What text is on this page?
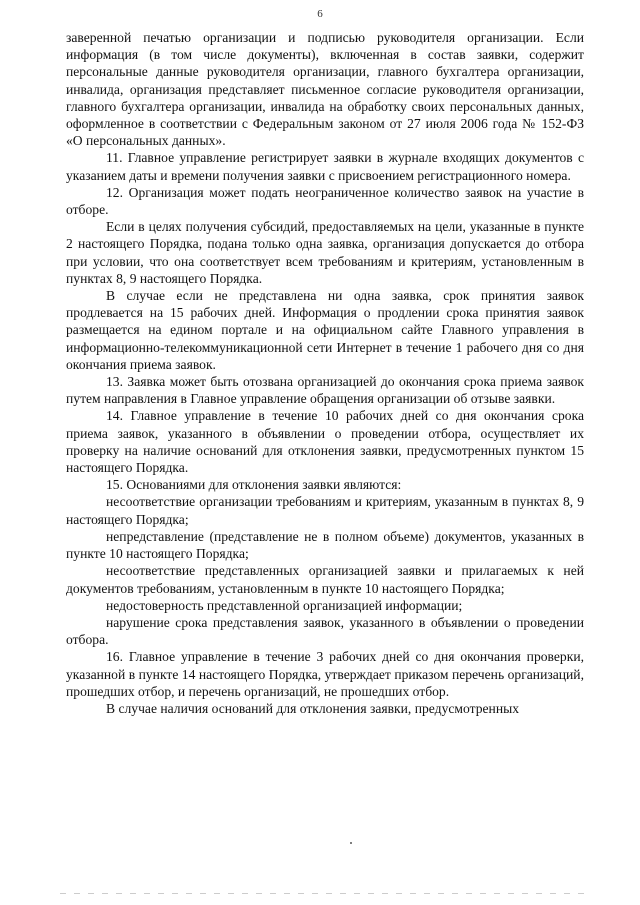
6

заверенной печатью организации и подписью руководителя организации. Если информация (в том числе документы), включенная в состав заявки, содержит персональные данные руководителя организации, главного бухгалтера организации, инвалида, организация представляет письменное согласие руководителя организации, главного бухгалтера организации, инвалида на обработку своих персональных данных, оформленное в соответствии с Федеральным законом от 27 июля 2006 года № 152-ФЗ «О персональных данных».

11. Главное управление регистрирует заявки в журнале входящих документов с указанием даты и времени получения заявки с присвоением регистрационного номера.

12. Организация может подать неограниченное количество заявок на участие в отборе.

Если в целях получения субсидий, предоставляемых на цели, указанные в пункте 2 настоящего Порядка, подана только одна заявка, организация допускается до отбора при условии, что она соответствует всем требованиям и критериям, установленным в пунктах 8, 9 настоящего Порядка.

В случае если не представлена ни одна заявка, срок принятия заявок продлевается на 15 рабочих дней. Информация о продлении срока принятия заявок размещается на едином портале и на официальном сайте Главного управления в информационно-телекоммуникационной сети Интернет в течение 1 рабочего дня со дня окончания приема заявок.

13. Заявка может быть отозвана организацией до окончания срока приема заявок путем направления в Главное управление обращения организации об отзыве заявки.

14. Главное управление в течение 10 рабочих дней со дня окончания срока приема заявок, указанного в объявлении о проведении отбора, осуществляет их проверку на наличие оснований для отклонения заявки, предусмотренных пунктом 15 настоящего Порядка.

15. Основаниями для отклонения заявки являются:

несоответствие организации требованиям и критериям, указанным в пунктах 8, 9 настоящего Порядка;

непредставление (представление не в полном объеме) документов, указанных в пункте 10 настоящего Порядка;

несоответствие представленных организацией заявки и прилагаемых к ней документов требованиям, установленным в пункте 10 настоящего Порядка;

недостоверность представленной организацией информации;

нарушение срока представления заявок, указанного в объявлении о проведении отбора.

16. Главное управление в течение 3 рабочих дней со дня окончания проверки, указанной в пункте 14 настоящего Порядка, утверждает приказом перечень организаций, прошедших отбор, и перечень организаций, не прошедших отбор.

В случае наличия оснований для отклонения заявки, предусмотренных
